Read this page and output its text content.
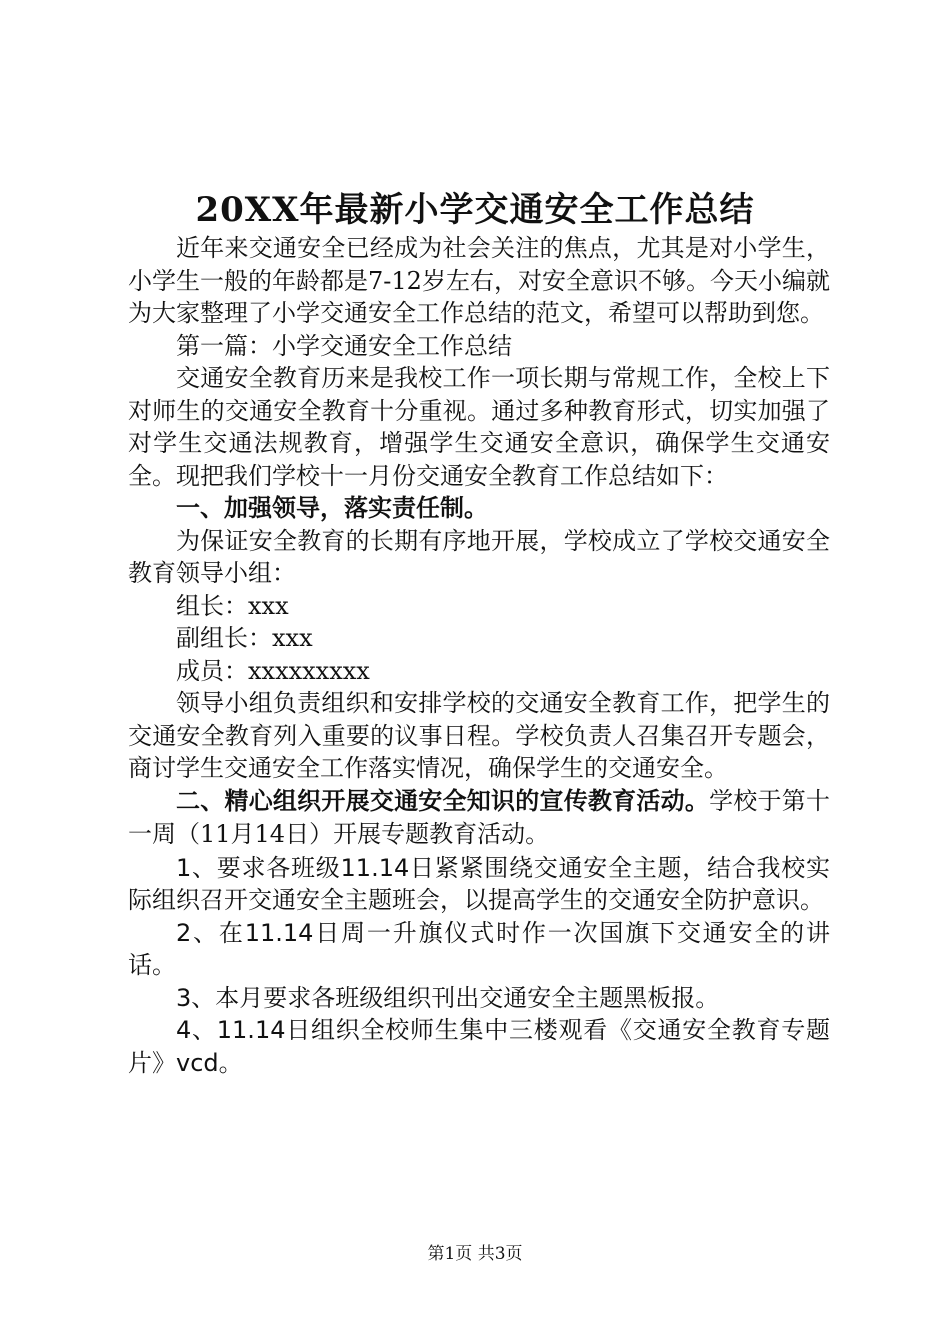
20XX年最新小学交通安全工作总结

近年来交通安全已经成为社会关注的焦点，尤其是对小学生，小学生一般的年龄都是7-12岁左右，对安全意识不够。今天小编就为大家整理了小学交通安全工作总结的范文，希望可以帮助到您。

第一篇：小学交通安全工作总结

交通安全教育历来是我校工作一项长期与常规工作，全校上下对师生的交通安全教育十分重视。通过多种教育形式，切实加强了对学生交通法规教育，增强学生交通安全意识，确保学生交通安全。现把我们学校十一月份交通安全教育工作总结如下：

一、加强领导，落实责任制。

为保证安全教育的长期有序地开展，学校成立了学校交通安全教育领导小组：

组长：xxx

副组长：xxx

成员：xxxxxxxxx

领导小组负责组织和安排学校的交通安全教育工作，把学生的交通安全教育列入重要的议事日程。学校负责人召集召开专题会，商讨学生交通安全工作落实情况，确保学生的交通安全。

二、精心组织开展交通安全知识的宣传教育活动。学校于第十一周（11月14日）开展专题教育活动。

1、要求各班级11.14日紧紧围绕交通安全主题，结合我校实际组织召开交通安全主题班会，以提高学生的交通安全防护意识。

2、在11.14日周一升旗仪式时作一次国旗下交通安全的讲话。

3、本月要求各班级组织刊出交通安全主题黑板报。

4、11.14日组织全校师生集中三楼观看《交通安全教育专题片》vcd。

第1页 共3页
